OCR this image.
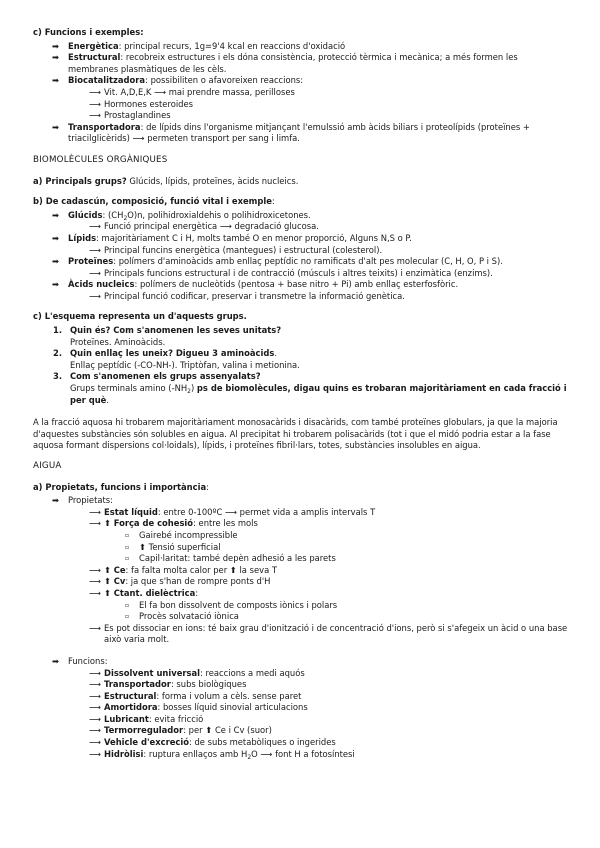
c) Funcions i exemples:
➡	Energètica: principal recurs, 1g=9'4 kcal en reaccions d'oxidació
➡	Estructural: recobreix estructures i els dóna consistència, protecció tèrmica i mecànica; a més formen les membranes plasmàtiques de les cèls.
➡	Biocatalitzadora: possibiliten o afavoreixen reaccions:
⟶ Vit. A,D,E,K ⟶ mai prendre massa, perilloses
⟶ Hormones esteroides
⟶ Prostaglandines
➡	Transportadora: de lípids dins l'organisme mitjançant l'emulssió amb àcids biliars i proteolípids (proteïnes + triacilglicèrids) ⟶ permeten transport per sang i limfa.
BIOMOLÈCULES ORGÀNIQUES
a) Principals grups? Glúcids, lípids, proteïnes, àcids nucleics.
b) De cadascún, composició, funció vital i exemple:
➡	Glúcids: $(CH_2O)n$, polihidroxialdehis o polihidroxicetones.
⟶ Funció principal energètica ⟶ degradació glucosa.
➡	Lípids: majoritàriament C i H, molts també O en menor proporció, Alguns N,S o P.
⟶ Principal funcins energètica (mantegues) i estructural (colesterol).
➡	Proteïnes: polímers d'aminoàcids amb enllaç peptídic no ramificats d'alt pes molecular (C, H, O, P i S).
⟶ Principals funcions estructural i de contracció (músculs i altres teixits) i enzimàtica (enzims).
➡	Àcids nucleics: polímers de nucleòtids (pentosa + base nitro + Pi) amb enllaç esterfosfòric.
⟶ Principal funció codificar, preservar i transmetre la informació genètica.
c) L'esquema representa un d'aquests grups.
1. Quin és? Com s'anomenen les seves unitats?
Proteïnes. Aminoàcids.
2. Quin enllaç les uneix? Digueu 3 aminoàcids.
Enllaç peptídic (-CO-NH-). Triptòfan, valina i metionina.
3. Com s'anomenen els grups assenyalats?
Grups terminals amino $(-NH_2)$ ps de biomolècules, digau quins es trobaran majoritàriament en cada fracció i per què.
A la fracció aquosa hi trobarem majoritàriament monosacàrids i disacàrids, com també proteïnes globulars, ja que la majoria d'aquestes substàncies són solubles en aigua. Al precipitat hi trobarem polisacàrids (tot i que el midó podria estar a la fase aquosa formant dispersions col·loidals), lípids, i proteïnes fibril·lars, totes, substàncies insolubles en aigua.
AIGUA
a) Propietats, funcions i importància:
➡	Propietats:
⟶ Estat líquid: entre 0-100ºC ⟶ permet vida a amplis intervals T
⟶ ⬆ Força de cohesió: entre les mols
▫	Gairebé incompressible
▫	⬆ Tensió superficial
▫	Capil·laritat: també depèn adhesió a les parets
⟶ ⬆ Ce: fa falta molta calor per ⬆ la seva T
⟶ ⬆ Cv: ja que s'han de rompre ponts d'H
⟶ ⬆ Ctant. dielèctrica:
▫	El fa bon dissolvent de composts iònics i polars
▫	Procès solvatació iònica
⟶ Es pot dissociar en ions: té baix grau d'ionització i de concentració d'ions, però si s'afegeix un àcid o una base això varia molt.
➡	Funcions:
⟶ Dissolvent universal: reaccions a medi aquós
⟶ Transportador: subs biològiques
⟶ Estructural: forma i volum a cèls. sense paret
⟶ Amortidora: bosses líquid sinovial articulacions
⟶ Lubricant: evita fricció
⟶ Termorregulador: per ⬆ Ce i Cv (suor)
⟶ Vehicle d'excreció: de subs metabòliques o ingerides
⟶ Hidròlisi: ruptura enllaços amb $H_2O$ ⟶ font H a fotosíntesi
